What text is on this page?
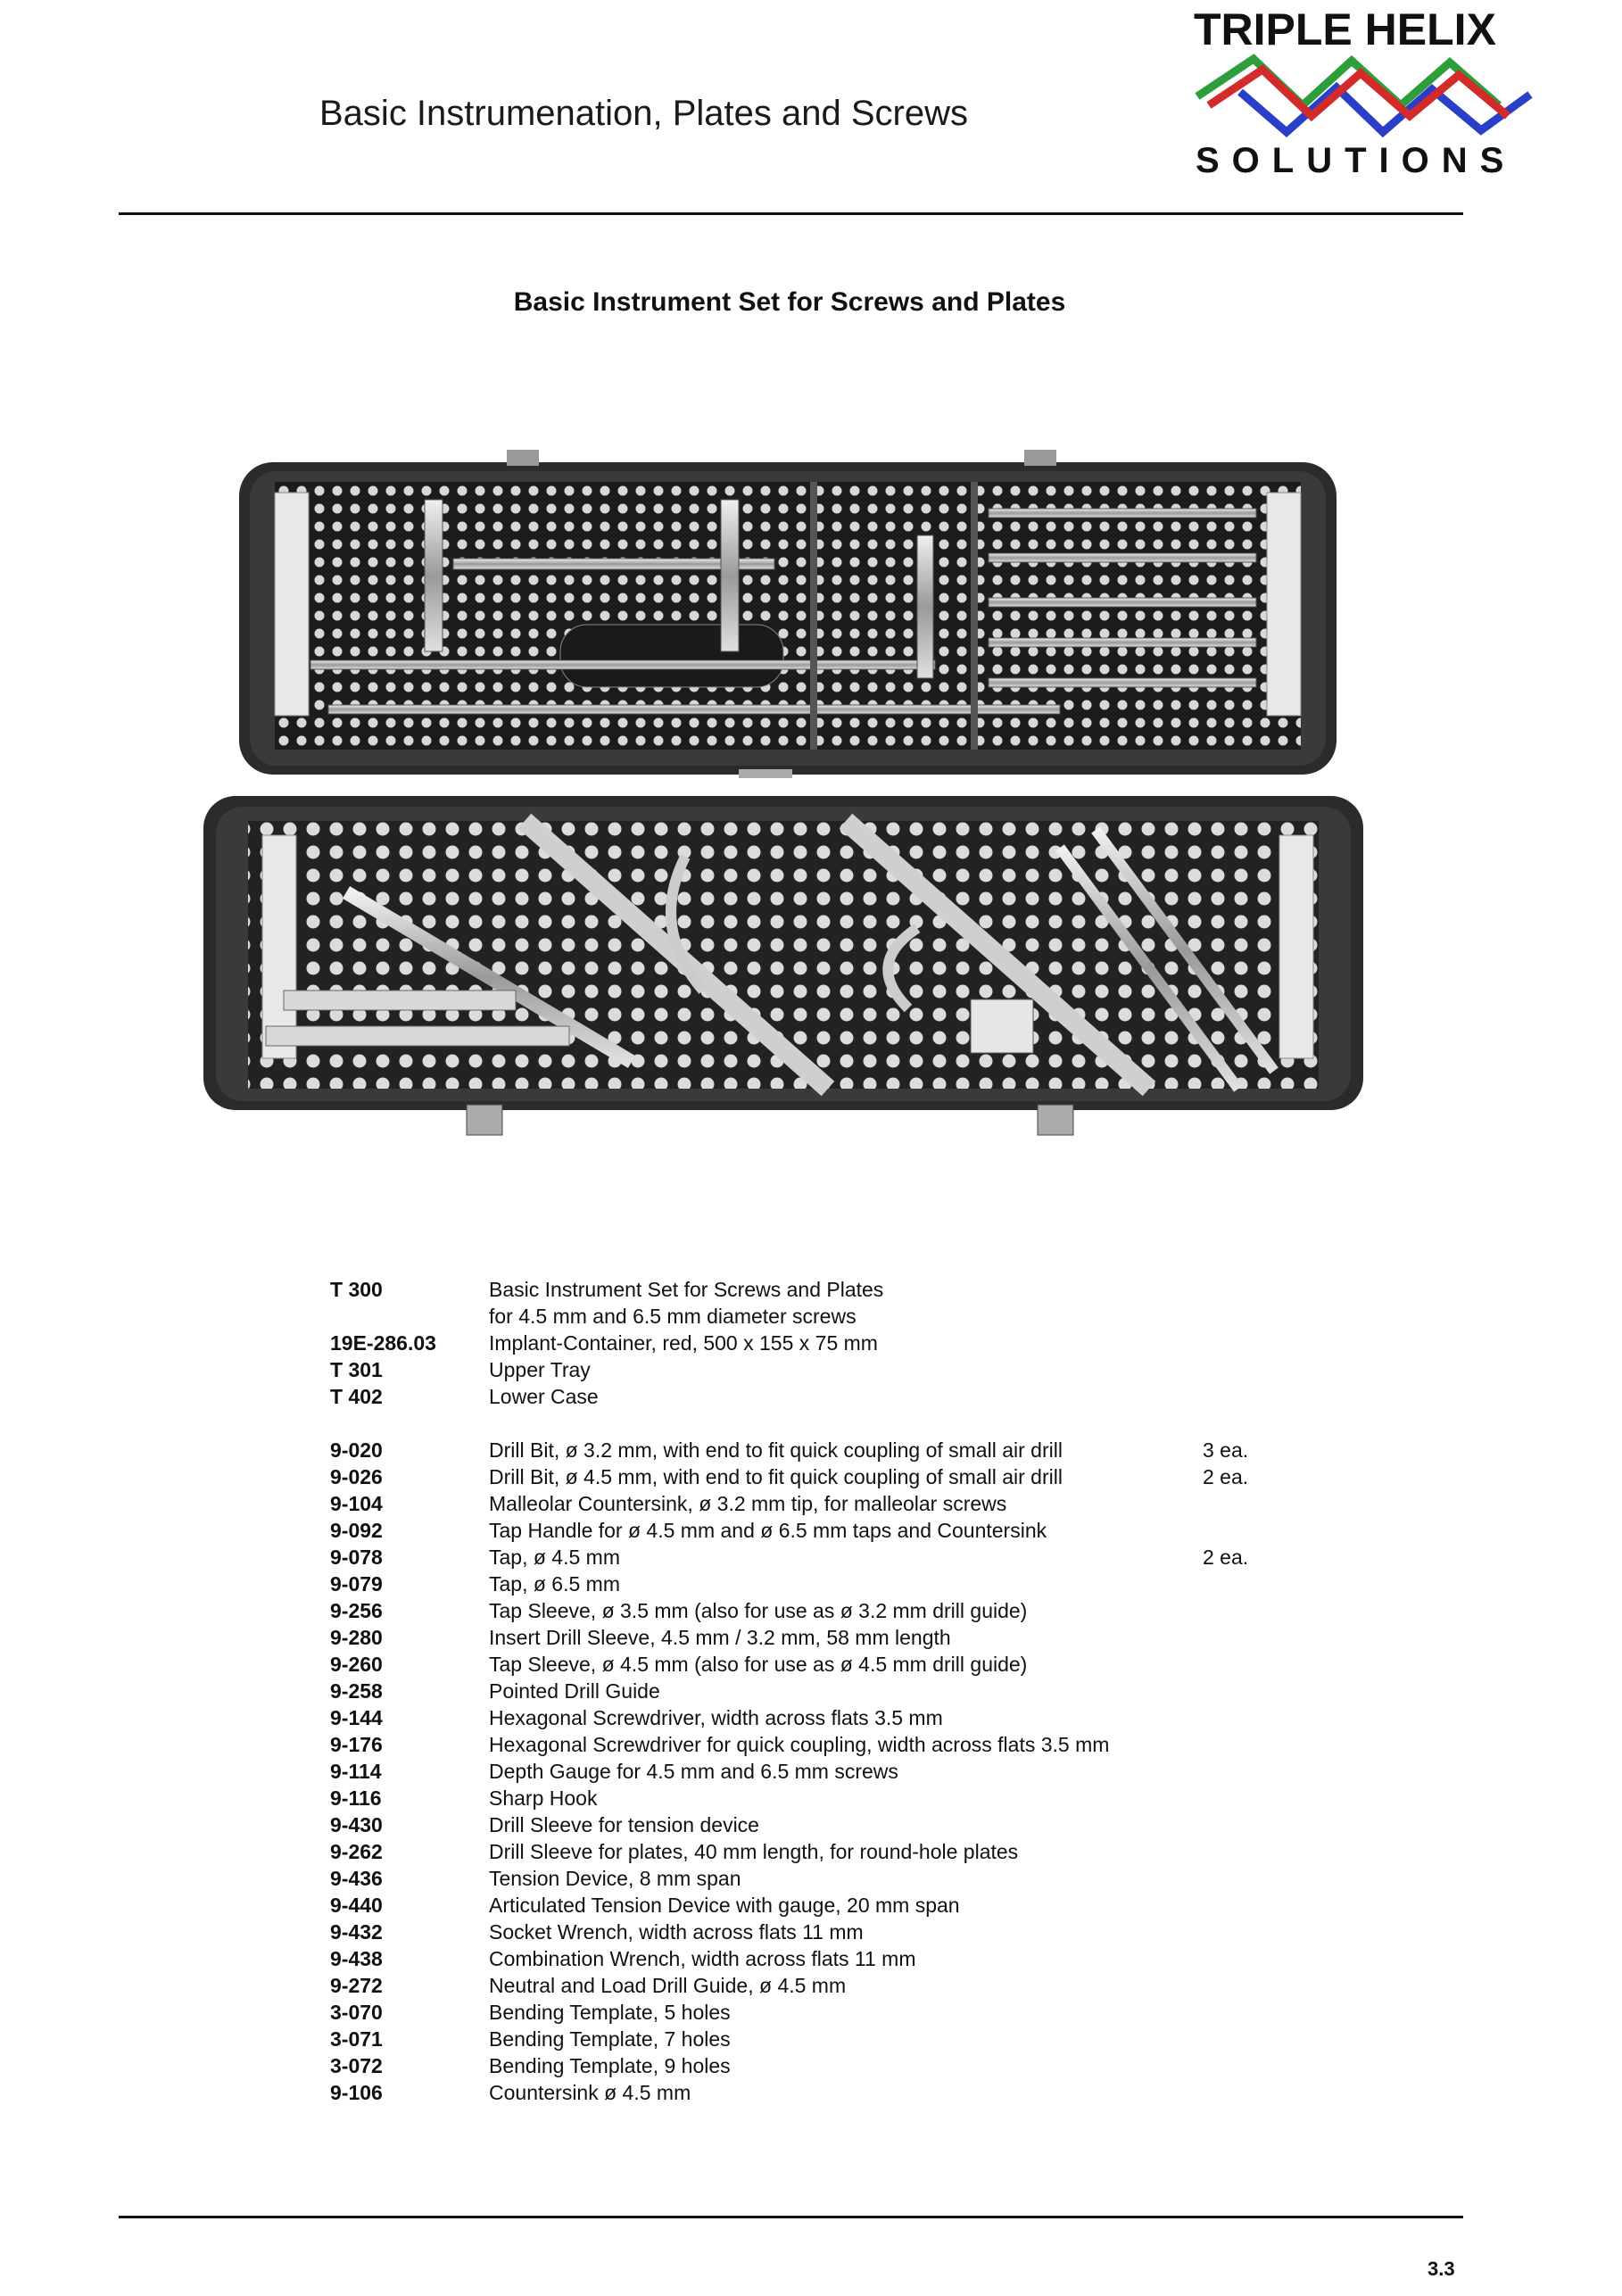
Basic Instrumenation, Plates and Screws
TRIPLE HELIX
SOLUTIONS
Basic Instrument Set for Screws and Plates
T 300	Basic Instrument Set for Screws and Plates
for 4.5 mm and 6.5 mm diameter screws
19E-286.03	Implant-Container, red, 500 x 155 x 75 mm
T 301	Upper Tray
T 402	Lower Case
9-020	Drill Bit, ø 3.2 mm, with end to fit quick coupling of small air drill	3 ea.
9-026	Drill Bit, ø 4.5 mm, with end to fit quick coupling of small air drill	2 ea.
9-104	Malleolar Countersink, ø 3.2 mm tip, for malleolar screws
9-092	Tap Handle for ø 4.5 mm and ø 6.5 mm taps and Countersink
9-078	Tap, ø 4.5 mm	2 ea.
9-079	Tap, ø 6.5 mm
9-256	Tap Sleeve, ø 3.5 mm (also for use as ø 3.2 mm drill guide)
9-280	Insert Drill Sleeve, 4.5 mm / 3.2 mm, 58 mm length
9-260	Tap Sleeve, ø 4.5 mm (also for use as ø 4.5 mm drill guide)
9-258	Pointed Drill Guide
9-144	Hexagonal Screwdriver, width across flats 3.5 mm
9-176	Hexagonal Screwdriver for quick coupling, width across flats 3.5 mm
9-114	Depth Gauge for 4.5 mm and 6.5 mm screws
9-116	Sharp Hook
9-430	Drill Sleeve for tension device
9-262	Drill Sleeve for plates, 40 mm length, for round-hole plates
9-436	Tension Device, 8 mm span
9-440	Articulated Tension Device with gauge, 20 mm span
9-432	Socket Wrench, width across flats 11 mm
9-438	Combination Wrench, width across flats 11 mm
9-272	Neutral and Load Drill Guide, ø 4.5 mm
3-070	Bending Template, 5 holes
3-071	Bending Template, 7 holes
3-072	Bending Template, 9 holes
9-106	Countersink ø 4.5 mm
3.3
